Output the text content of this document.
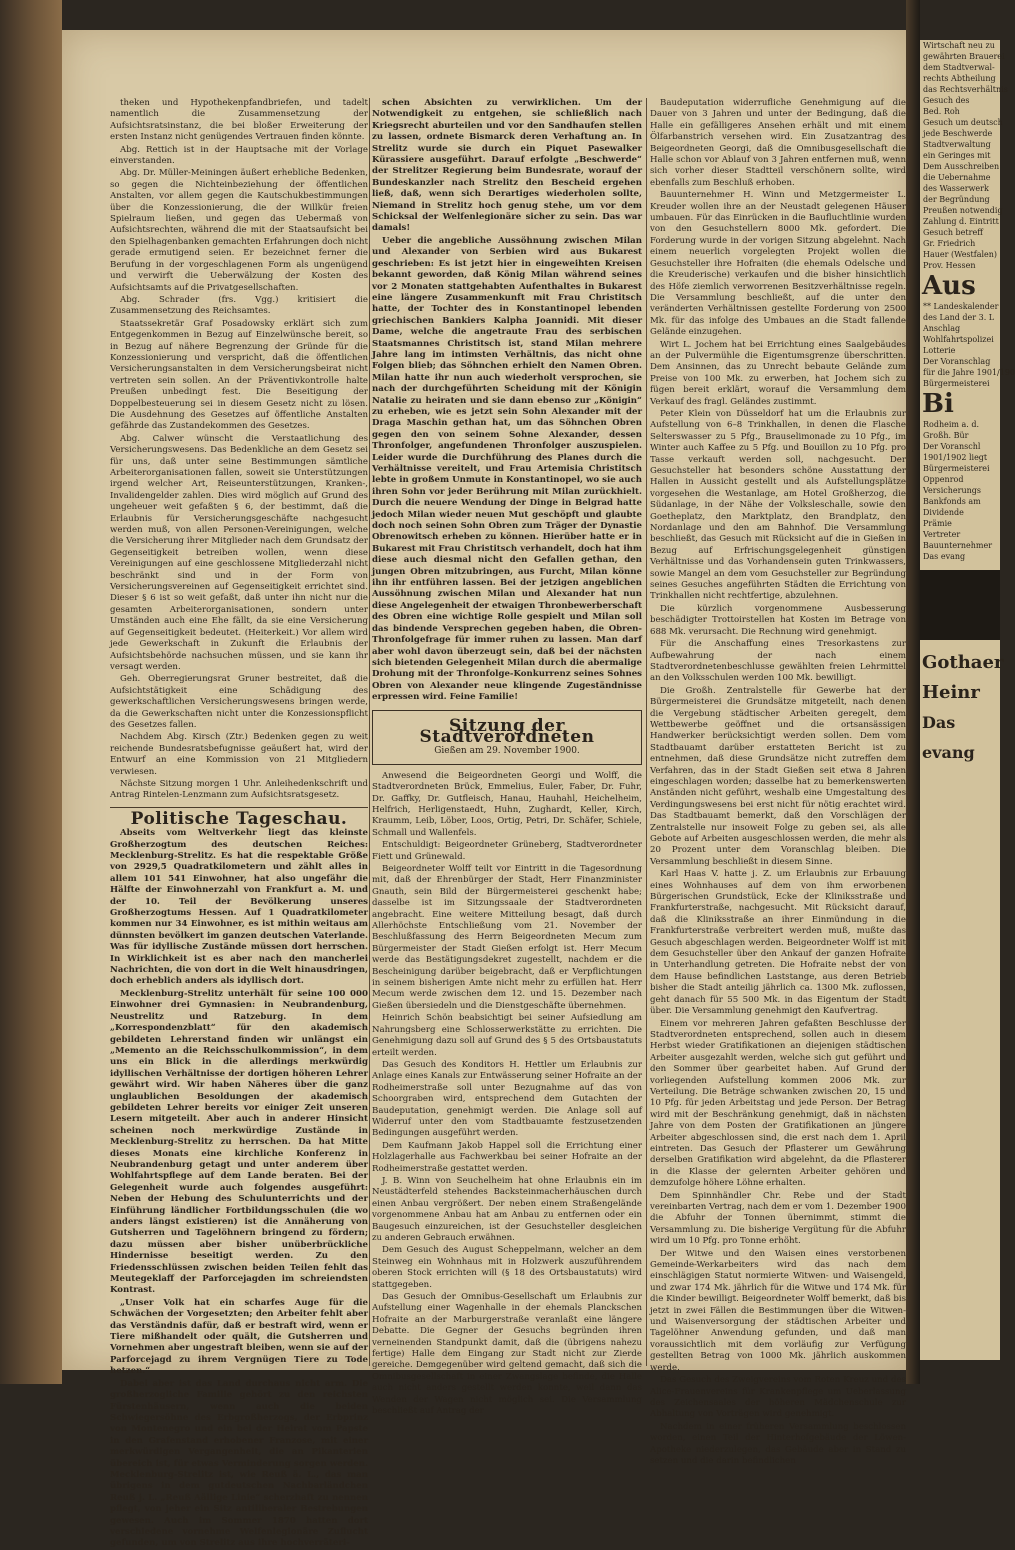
theken und Hypothekenpfandbriefen, und tadelt namentlich die Zusammensetzung der Aufsichtsratsinstanz, die bei bloßer Erweiterung der ersten Instanz nicht genügendes Vertrauen finden könnte.

Abg. Rettich ist in der Hauptsache mit der Vorlage einverstanden.

Abg. Dr. Müller-Meiningen äußert erhebliche Bedenken, so gegen die Nichteinbeziehung der öffentlichen Anstalten, vor allem gegen die Kautschukbestimmungen über die Konzessionierung, die der Willkür freien Spielraum ließen, und gegen das Uebermaß von Aufsichtsrechten, während die mit der Staatsaufsicht bei den Spielhagenbanken gemachten Erfahrungen doch nicht gerade ermutigend seien. Er bezeichnet ferner die Berufung in der vorgeschlagenen Form als ungenügend und verwirft die Ueberwälzung der Kosten des Aufsichtsamts auf die Privatgesellschaften.

Abg. Schrader (frs. Vgg.) kritisiert die Zusammensetzung des Reichsamtes.

Staatssekretär Graf Posadowsky erklärt sich zum Entgegenkommen in Bezug auf Einzelwünsche bereit, so in Bezug auf nähere Begrenzung der Gründe für die Konzessionierung und verspricht, daß die öffentlichen Versicherungsanstalten in dem Versicherungsbeirat nicht vertreten sein sollen. An der Präventivkontrolle halte Preußen unbedingt fest. Die Beseitigung der Doppelbesteuerung sei in diesem Gesetz nicht zu lösen. Die Ausdehnung des Gesetzes auf öffentliche Anstalten gefährde das Zustandekommen des Gesetzes.

Abg. Calwer wünscht die Verstaatlichung des Versicherungswesens. Das Bedenkliche an dem Gesetz sei für uns, daß unter seine Bestimmungen sämtliche Arbeiterorganisationen fallen, soweit sie Unterstützungen irgend welcher Art, Reiseunterstützungen, Kranken-, Invalidengelder zahlen. Dies wird möglich auf Grund des ungeheuer weit gefaßten § 6, der bestimmt, daß die Erlaubnis für Versicherungsgeschäfte nachgesucht werden muß, von allen Personen-Vereinigungen, welche die Versicherung ihrer Mitglieder nach dem Grundsatz der Gegenseitigkeit betreiben wollen, wenn diese Vereinigungen auf eine geschlossene Mitgliederzahl nicht beschränkt sind und in der Form von Versicherungsvereinen auf Gegenseitigkeit errichtet sind. Dieser § 6 ist so weit gefaßt, daß unter ihn nicht nur die gesamten Arbeiterorganisationen, sondern unter Umständen auch eine Ehe fällt, da sie eine Versicherung auf Gegenseitigkeit bedeutet. (Heiterkeit.) Vor allem wird jede Gewerkschaft in Zukunft die Erlaubnis der Aufsichtsbehörde nachsuchen müssen, und sie kann ihr versagt werden.

Geh. Oberregierungsrat Gruner bestreitet, daß die Aufsichtstätigkeit eine Schädigung des gewerkschaftlichen Versicherungswesens bringen werde, da die Gewerkschaften nicht unter die Konzessionspflicht des Gesetzes fallen.

Nachdem Abg. Kirsch (Ztr.) Bedenken gegen zu weit reichende Bundesratsbefugnisse geäußert hat, wird der Entwurf an eine Kommission von 21 Mitgliedern verwiesen.

Nächste Sitzung morgen 1 Uhr. Anleihedenkschrift und Antrag Rintelen-Lenzmann zum Aufsichtsratsgesetz.

Politische Tageschau.

Abseits vom Weltverkehr liegt das kleinste Großherzogtum des deutschen Reiches: Mecklenburg-Strelitz. Es hat die respektable Größe von 2929,5 Quadratkilometern und zählt alles in allem 101 541 Einwohner, hat also ungefähr die Hälfte der Einwohnerzahl von Frankfurt a. M. und der 10. Teil der Bevölkerung unseres Großherzogtums Hessen. Auf 1 Quadratkilometer kommen nur 34 Einwohner, es ist mithin weitaus am dünnsten bevölkert im ganzen deutschen Vaterlande. Was für idyllische Zustände müssen dort herrschen. In Wirklichkeit ist es aber nach den mancherlei Nachrichten, die von dort in die Welt hinausdringen, doch erheblich anders als idyllisch dort.

Mecklenburg-Strelitz unterhält für seine 100 000 Einwohner drei Gymnasien: in Neubrandenburg, Neustrelitz und Ratzeburg. In dem „Korrespondenzblatt“ für den akademisch gebildeten Lehrerstand finden wir unlängst ein „Memento an die Reichsschulkommission“, in dem uns ein Blick in die allerdings merkwürdig idyllischen Verhältnisse der dortigen höheren Lehrer gewährt wird. Wir haben Näheres über die ganz unglaublichen Besoldungen der akademisch gebildeten Lehrer bereits vor einiger Zeit unseren Lesern mitgeteilt. Aber auch in anderer Hinsicht scheinen noch merkwürdige Zustände in Mecklenburg-Strelitz zu herrschen. Da hat Mitte dieses Monats eine kirchliche Konferenz in Neubrandenburg getagt und unter anderem über Wohlfahrtspflege auf dem Lande beraten. Bei der Gelegenheit wurde auch folgendes ausgeführt: Neben der Hebung des Schulunterrichts und der Einführung ländlicher Fortbildungsschulen (die wo anders längst existieren) ist die Annäherung von Gutsherren und Tagelöhnern bringend zu fördern; dazu müssen aber bisher unüberbrückliche Hindernisse beseitigt werden. Zu den Friedensschlüssen zwischen beiden Teilen fehlt das Meutegeklaff der Parforcejagden im schreiendsten Kontrast.

„Unser Volk hat ein scharfes Auge für die Schwächen der Vorgesetzten; den Arbeiter fehlt aber das Verständnis dafür, daß er bestraft wird, wenn er Tiere mißhandelt oder quält, die Gutsherren und Vornehmen aber ungestraft bleiben, wenn sie auf der Parforcejagd zu ihrem Vergnügen Tiere zu Tode hetzen.“

Dabei aber ist das Land durchaus nicht arm. Die großherzogliche Familie gehört zu den reichsten Fürstenhäusern, wenn auch die beiden Schwiegersöhne des Erbgroßherzogs, der Erbprinz von Montenegro und ein bei der Heirat vom Papste in den Grafenstand erhobener Franzose, mit einer merkwürdigen Vergangenheit, die an Pikanterien übereich ist, für etwas Verminderung sorgen werden. Mecklenburg-Strelitz ist, wie Reuß ä. L., das man übrigens in dem gutdeutschen Nachbarländchen Reuß j. L. „Reuß Aällige Linie“ scherzhaft zu nennen pflegt, von jeher ein Sitz antiliberaler Bestrebungen gewesen. Auch im Sommer 1870 hatten dort verschiedene vornehme Welfenlegionäre Zuflucht gefunden, um von Strelitz aus ihre hochverräteri-

schen Absichten zu verwirklichen. Um der Notwendigkeit zu entgehen, sie schließlich nach Kriegsrecht aburteilen und vor den Sandhaufen stellen zu lassen, ordnete Bismarck deren Verhaftung an. In Strelitz wurde sie durch ein Piquet Pasewalker Kürassiere ausgeführt. Darauf erfolgte „Beschwerde“ der Strelitzer Regierung beim Bundesrate, worauf der Bundeskanzler nach Strelitz den Bescheid ergehen ließ, daß, wenn sich Derartiges wiederholen sollte, Niemand in Strelitz hoch genug stehe, um vor dem Schicksal der Welfenlegionäre sicher zu sein. Das war damals!

Ueber die angebliche Aussöhnung zwischen Milan und Alexander von Serbien wird aus Bukarest geschrieben: Es ist jetzt hier in eingeweihten Kreisen bekannt geworden, daß König Milan während seines vor 2 Monaten stattgehabten Aufenthaltes in Bukarest eine längere Zusammenkunft mit Frau Christitsch hatte, der Tochter des in Konstantinopel lebenden griechischen Bankiers Kalpha Joannidi. Mit dieser Dame, welche die angetraute Frau des serbischen Staatsmannes Christitsch ist, stand Milan mehrere Jahre lang im intimsten Verhältnis, das nicht ohne Folgen blieb; das Söhnchen erhielt den Namen Obren. Milan hatte ihr nun auch wiederholt versprochen, sie nach der durchgeführten Scheidung mit der Königin Natalie zu heiraten und sie dann ebenso zur „Königin“ zu erheben, wie es jetzt sein Sohn Alexander mit der Draga Maschin gethan hat, um das Söhnchen Obren gegen den von seinem Sohne Alexander, dessen Thronfolger, angefundenen Thronfolger auszuspielen. Leider wurde die Durchführung des Planes durch die Verhältnisse vereitelt, und Frau Artemisia Christitsch lebte in großem Unmute in Konstantinopel, wo sie auch ihren Sohn vor jeder Berührung mit Milan zurückhielt. Durch die neuere Wendung der Dinge in Belgrad hatte jedoch Milan wieder neuen Mut geschöpft und glaubte doch noch seinen Sohn Obren zum Träger der Dynastie Obrenowitsch erheben zu können. Hierüber hatte er in Bukarest mit Frau Christitsch verhandelt, doch hat ihm diese auch diesmal nicht den Gefallen gethan, den jungen Obren mitzubringen, aus Furcht, Milan könne ihn ihr entführen lassen. Bei der jetzigen angeblichen Aussöhnung zwischen Milan und Alexander hat nun diese Angelegenheit der etwaigen Thronbewerberschaft des Obren eine wichtige Rolle gespielt und Milan soll das bindende Versprechen gegeben haben, die Obren-Thronfolgefrage für immer ruhen zu lassen. Man darf aber wohl davon überzeugt sein, daß bei der nächsten sich bietenden Gelegenheit Milan durch die abermalige Drohung mit der Thronfolge-Konkurrenz seines Sohnes Obren von Alexander neue klingende Zugeständnisse erpressen wird. Feine Familie!

Sitzung der Stadtverordneten
Gießen am 29. November 1900.

Anwesend die Beigeordneten Georgi und Wolff, die Stadtverordneten Brück, Emmelius, Euler, Faber, Dr. Fuhr, Dr. Gaffky, Dr. Gutfleisch, Hanau, Hauhahl, Heichelheim, Helfrich, Herligenstaedt, Huhn, Zughardt, Keller, Kirch, Kraumm, Leib, Löber, Loos, Ortig, Petri, Dr. Schäfer, Schiele, Schmall und Wallenfels.

Entschuldigt: Beigeordneter Grüneberg, Stadtverordneter Fiett und Grünewald.

Beigeordneter Wolff teilt vor Eintritt in die Tagesordnung mit, daß der Ehrenbürger der Stadt, Herr Finanzminister Gnauth, sein Bild der Bürgermeisterei geschenkt habe; dasselbe ist im Sitzungssaale der Stadtverordneten angebracht. Eine weitere Mitteilung besagt, daß durch Allerhöchste Entschließung vom 21. November der Beschlußfassung des Herrn Beigeordneten Mecum zum Bürgermeister der Stadt Gießen erfolgt ist. Herr Mecum werde das Bestätigungsdekret zugestellt, nachdem er die Bescheinigung darüber beigebracht, daß er Verpflichtungen in seinem bisherigen Amte nicht mehr zu erfüllen hat. Herr Mecum werde zwischen dem 12. und 15. Dezember nach Gießen übersiedeln und die Dienstgeschäfte übernehmen.

Heinrich Schön beabsichtigt bei seiner Aufsiedlung am Nahrungsberg eine Schlosserwerkstätte zu errichten. Die Genehmigung dazu soll auf Grund des § 5 des Ortsbaustatuts erteilt werden.

Das Gesuch des Konditors H. Hettler um Erlaubnis zur Anlage eines Kanals zur Entwässerung seiner Hofraite an der Rodheimerstraße soll unter Bezugnahme auf das von Schoorgraben wird, entsprechend dem Gutachten der Baudeputation, genehmigt werden. Die Anlage soll auf Widerruf unter den vom Stadtbauamte festzusetzenden Bedingungen ausgeführt werden.

Dem Kaufmann Jakob Happel soll die Errichtung einer Holzlagerhalle aus Fachwerkbau bei seiner Hofraite an der Rodheimerstraße gestattet werden.

J. B. Winn von Seuchelheim hat ohne Erlaubnis ein im Neustädterfeld stehendes Backsteinmacherhäuschen durch einen Anbau vergrößert. Der neben einem Straßengelände vorgenommene Anbau hat am Anbau zu entfernen oder ein Baugesuch einzureichen, ist der Gesuchsteller desgleichen zu anderen Gebrauch erwähnen.

Dem Gesuch des August Scheppelmann, welcher an dem Steinweg ein Wohnhaus mit in Holzwerk auszuführendem oberen Stock errichten will (§ 18 des Ortsbaustatuts) wird stattgegeben.

Das Gesuch der Omnibus-Gesellschaft um Erlaubnis zur Aufstellung einer Wagenhalle in der ehemals Planckschen Hofraite an der Marburgerstraße veranlaßt eine längere Debatte. Die Gegner der Gesuchs begründen ihren verneinenden Standpunkt damit, daß die (übrigens nahezu fertige) Halle dem Eingang zur Stadt nicht zur Zierde gereiche. Demgegenüber wird geltend gemacht, daß sich die Omnibusgesellschaft in einer Zwangslage befinde, die Halle auch nicht anders gestellt werden konnte, weil dann das Wenden der Wagen nicht möglich sei. Die Versammlung beschließt auf Antrag der

Baudeputation widerrufliche Genehmigung auf die Dauer von 3 Jahren und unter der Bedingung, daß die Halle ein gefälligeres Ansehen erhält und mit einem Ölfarbanstrich versehen wird. Ein Zusatzantrag des Beigeordneten Georgi, daß die Omnibusgesellschaft die Halle schon vor Ablauf von 3 Jahren entfernen muß, wenn sich vorher dieser Stadtteil verschönern sollte, wird ebenfalls zum Beschluß erhoben.

Bauunternehmer H. Winn und Metzgermeister L. Kreuder wollen ihre an der Neustadt gelegenen Häuser umbauen. Für das Einrücken in die Baufluchtlinie wurden von den Gesuchstellern 8000 Mk. gefordert. Die Forderung wurde in der vorigen Sitzung abgelehnt. Nach einem neuerlich vorgelegten Projekt wollen die Gesuchsteller ihre Hofraiten (die ehemals Odelsche und die Kreuderische) verkaufen und die bisher hinsichtlich des Höfe ziemlich verworrenen Besitzverhältnisse regeln. Die Versammlung beschließt, auf die unter den veränderten Verhältnissen gestellte Forderung von 2500 Mk. für das infolge des Umbaues an die Stadt fallende Gelände einzugehen.

Wirt L. Jochem hat bei Errichtung eines Saalgebäudes an der Pulvermühle die Eigentumsgrenze überschritten. Dem Ansinnen, das zu Unrecht bebaute Gelände zum Preise von 100 Mk. zu erwerben, hat Jochem sich zu fügen bereit erklärt, worauf die Versammlung dem Verkauf des fragl. Geländes zustimmt.

Peter Klein von Düsseldorf hat um die Erlaubnis zur Aufstellung von 6–8 Trinkhallen, in denen die Flasche Selterswasser zu 5 Pfg., Brauselimonade zu 10 Pfg., im Winter auch Kaffee zu 5 Pfg. und Bouillon zu 10 Pfg. pro Tasse verkauft werden soll, nachgesucht. Der Gesuchsteller hat besonders schöne Ausstattung der Hallen in Aussicht gestellt und als Aufstellungsplätze vorgesehen die Westanlage, am Hotel Großherzog, die Südanlage, in der Nähe der Volksleschalle, sowie den Goetheplatz, den Marktplatz, den Brandplatz, den Nordanlage und den am Bahnhof. Die Versammlung beschließt, das Gesuch mit Rücksicht auf die in Gießen in Bezug auf Erfrischungsgelegenheit günstigen Verhältnisse und das Vorhandensein guten Trinkwassers, sowie Mangel an dem vom Gesuchsteller zur Begründung seines Gesuches angeführten Städten die Errichtung von Trinkhallen nicht rechtfertige, abzulehnen.

Die kürzlich vorgenommene Ausbesserung beschädigter Trottoirstellen hat Kosten im Betrage von 688 Mk. verursacht. Die Rechnung wird genehmigt.

Für die Anschaffung eines Tresorkastens zur Aufbewahrung der nach einem Stadtverordnetenbeschlusse gewählten freien Lehrmittel an den Volksschulen werden 100 Mk. bewilligt.

Die Großh. Zentralstelle für Gewerbe hat der Bürgermeisterei die Grundsätze mitgeteilt, nach denen die Vergebung städtischer Arbeiten geregelt, dem Wettbewerbe geöffnet und die ortsansässigen Handwerker berücksichtigt werden sollen. Dem vom Stadtbauamt darüber erstatteten Bericht ist zu entnehmen, daß diese Grundsätze nicht zutreffen dem Verfahren, das in der Stadt Gießen seit etwa 8 Jahren eingeschlagen worden; dasselbe hat zu bemerkenswerten Anständen nicht geführt, weshalb eine Umgestaltung des Verdingungswesens bei erst nicht für nötig erachtet wird. Das Stadtbauamt bemerkt, daß den Vorschlägen der Zentralstelle nur insoweit Folge zu geben sei, als alle Gebote auf Arbeiten ausgeschlossen werden, die mehr als 20 Prozent unter dem Voranschlag bleiben. Die Versammlung beschließt in diesem Sinne.

Karl Haas V. hatte j. Z. um Erlaubnis zur Erbauung eines Wohnhauses auf dem von ihm erworbenen Bürgerischen Grundstück, Ecke der Kliniksstraße und Frankfurterstraße, nachgesucht. Mit Rücksicht darauf, daß die Kliniksstraße an ihrer Einmündung in die Frankfurterstraße verbreitert werden muß, mußte das Gesuch abgeschlagen werden. Beigeordneter Wolff ist mit dem Gesuchsteller über den Ankauf der ganzen Hofraite in Unterhandlung getreten. Die Hofraite nebst der von dem Hause befindlichen Laststange, aus deren Betrieb bisher die Stadt anteilig jährlich ca. 1300 Mk. zuflossen, geht danach für 55 500 Mk. in das Eigentum der Stadt über. Die Versammlung genehmigt den Kaufvertrag.

Einem vor mehreren Jahren gefaßten Beschlusse der Stadtverordneten entsprechend, sollen auch in diesem Herbst wieder Gratifikationen an diejenigen städtischen Arbeiter ausgezahlt werden, welche sich gut geführt und den Sommer über gearbeitet haben. Auf Grund der vorliegenden Aufstellung kommen 2006 Mk. zur Verteilung. Die Beträge schwanken zwischen 20, 15 und 10 Pfg. für jeden Arbeitstag und jede Person. Der Betrag wird mit der Beschränkung genehmigt, daß in nächsten Jahre von dem Posten der Gratifikationen an jüngere Arbeiter abgeschlossen sind, die erst nach dem 1. April eintreten. Das Gesuch der Pflasterer um Gewährung derselben Gratifikation wird abgelehnt, da die Pflasterer in die Klasse der gelernten Arbeiter gehören und demzufolge höhere Löhne erhalten.

Dem Spinnhändler Chr. Rebe und der Stadt vereinbarten Vertrag, nach dem er vom 1. Dezember 1900 die Abfuhr der Tonnen übernimmt, stimmt die Versammlung zu. Die bisherige Vergütung für die Abfuhr wird um 10 Pfg. pro Tonne erhöht.

Der Witwe und den Waisen eines verstorbenen Gemeinde-Werkarbeiters wird das nach dem einschlägigen Statut normierte Witwen- und Waisengeld, und zwar 174 Mk. jährlich für die Witwe und 174 Mk. für die Kinder bewilligt. Beigeordneter Wolff bemerkt, daß bis jetzt in zwei Fällen die Bestimmungen über die Witwen- und Waisenversorgung der städtischen Arbeiter und Tagelöhner Anwendung gefunden, und daß man voraussichtlich mit dem vorläufig zur Verfügung gestellten Betrag von 1000 Mk. jährlich auskommen werde.

Das Gesuch des Zweigvereins vom Roten Kreuz und des Alice-Frauenvereins für Krankenpflege um Ueberlassung des Zeichensaales der höheren Mädchenschule zur Abhaltung von Vorträgen wird genehmigt.

Nachdem in einer früheren Versammlung beschlossen worden, einen Teil der Hinterhofgebäude der Löwen-Apotheke niederzulegen, das Gebäude aber in Stand zu setzen und die darin befindlichen

Wirtschaft neu zu
gewährten Brauerei
dem Stadtverwal-
rechts Abtheilung
das Rechtsverhältnis
Gesuch des
Bed. Roh
Gesuch um deutsch
jede Beschwerde
Stadtverwaltung
ein Geringes mit
Dem Ausschreiben
die Uebernahme
des Wasserwerk
der Begründung
Preußen notwendig
Zahlung d. Eintritt
Gesuch betreff
Gr. Friedrich
Hauer (Westfalen)
Prov. Hessen
Aus
** Landeskalender
des Land der 3. L
Anschlag
Wohlfahrtspolizei
Lotterie
Der Voranschlag
für die Jahre 1901/190
Bürgermeisterei
Bi
Rodheim a. d.
Großh. Bür
Der Voranschl
1901/1902 liegt
Bürgermeisterei
Oppenrod
Versicherungs
Bankfonds am
Dividende
Prämie
Vertreter
Bauunternehmer
Das evang
Gothaer
Heinr
Das evang
